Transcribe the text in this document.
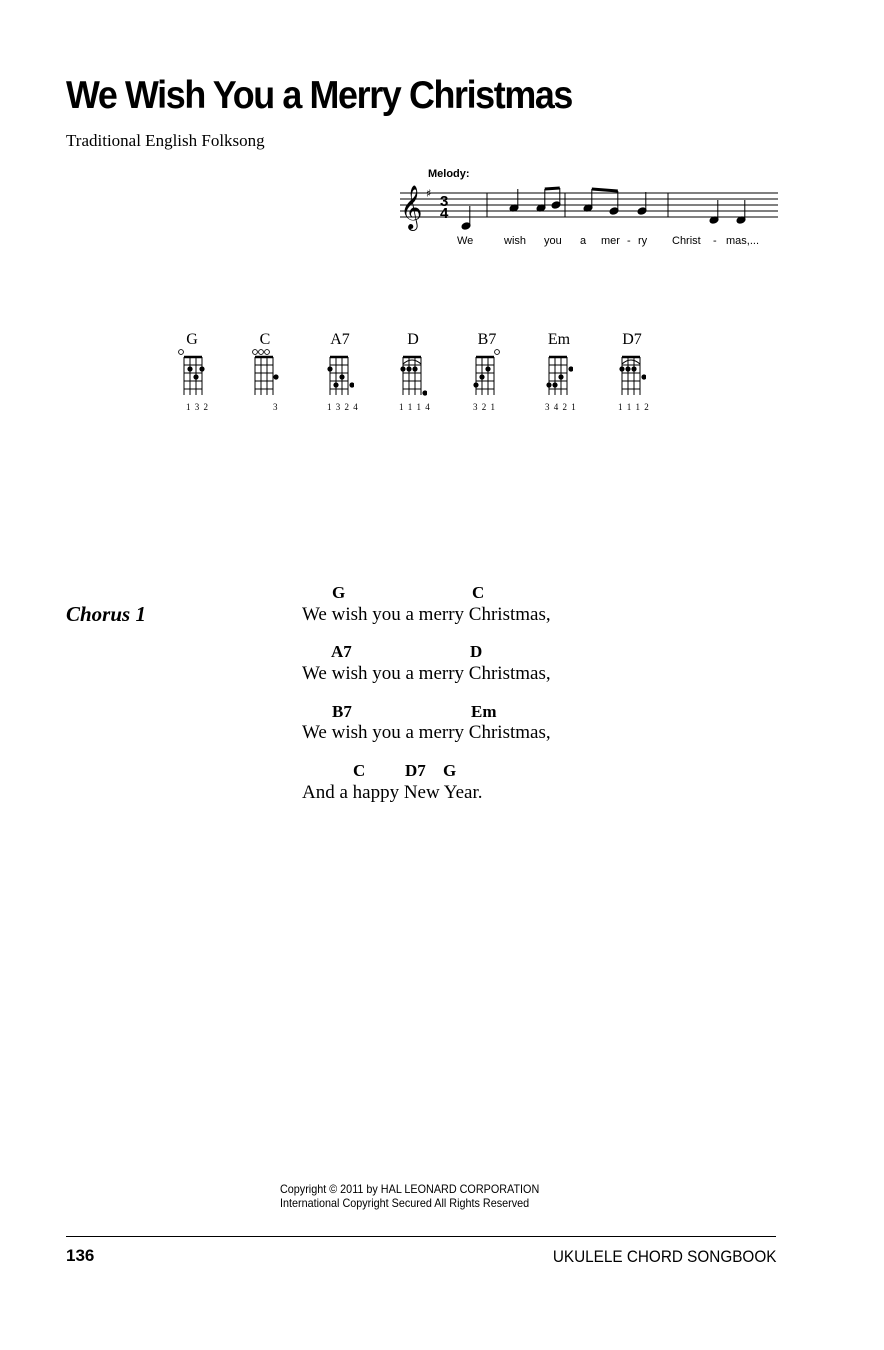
We Wish You a Merry Christmas
Traditional English Folksong
Melody:
𝄞 ♯ 3
4
We	wish you a mer - ry Christ - mas,...
G	C	A7	D	B7	Em	D7
1 3 2	3	1 3 2 4	1 1 1 4	3 2 1	3 4 2 1	1 1 1 2
Chorus 1
G	C
We wish you a merry Christmas,
A7	D
We wish you a merry Christmas,
B7	Em
We wish you a merry Christmas,
C D7 G
And a happy New Year.
Copyright © 2011 by HAL LEONARD CORPORATION
International Copyright Secured All Rights Reserved
136	UKULELE CHORD SONGBOOK
